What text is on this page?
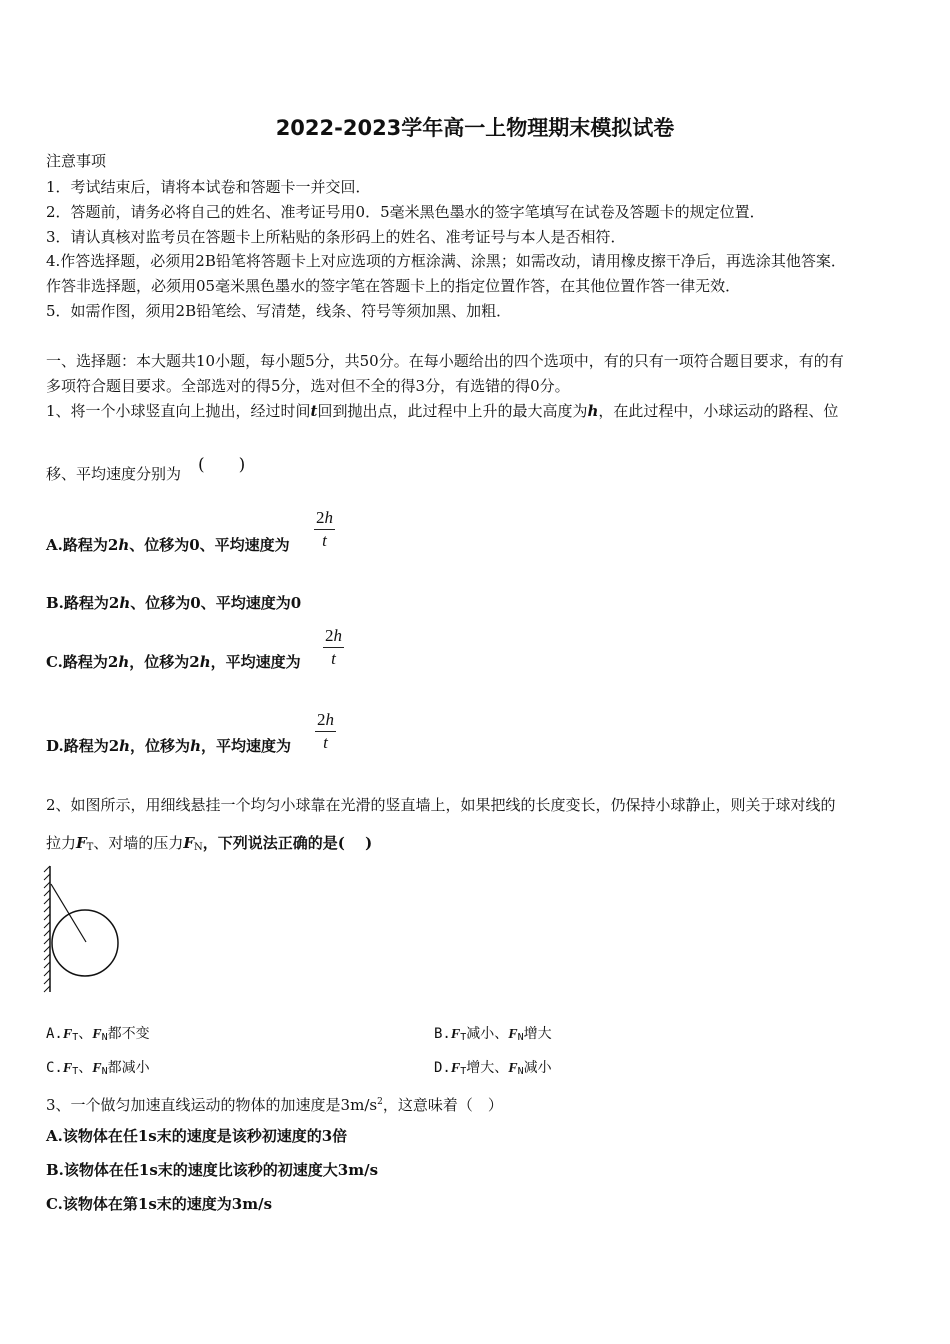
2022-2023学年高一上物理期末模拟试卷
注意事项
1．考试结束后，请将本试卷和答题卡一并交回．
2．答题前，请务必将自己的姓名、准考证号用0．5毫米黑色墨水的签字笔填写在试卷及答题卡的规定位置．
3．请认真核对监考员在答题卡上所粘贴的条形码上的姓名、准考证号与本人是否相符．
4.作答选择题，必须用2B铅笔将答题卡上对应选项的方框涂满、涂黑；如需改动，请用橡皮擦干净后，再选涂其他答案．
作答非选择题，必须用05毫米黑色墨水的签字笔在答题卡上的指定位置作答，在其他位置作答一律无效．
5．如需作图，须用2B铅笔绘、写清楚，线条、符号等须加黑、加粗．
一、选择题：本大题共10小题，每小题5分，共50分。在每小题给出的四个选项中，有的只有一项符合题目要求，有的有
多项符合题目要求。全部选对的得5分，选对但不全的得3分，有选错的得0分。
1、将一个小球竖直向上抛出，经过时间t回到抛出点，此过程中上升的最大高度为h，在此过程中，小球运动的路程、位
移、平均速度分别为 (　　)
A.路程为2h、位移为0、平均速度为
2h
t
B.路程为2h、位移为0、平均速度为0
C.路程为2h，位移为2h，平均速度为
2h
t
D.路程为2h，位移为h，平均速度为
2h
t
2、如图所示，用细线悬挂一个均匀小球靠在光滑的竖直墙上，如果把线的长度变长，仍保持小球静止，则关于球对线的
拉力$F_T$、对墙的压力$F_N$，下列说法正确的是(　 )
$A.F_T$、$F_N$都不变	$B.F_T$减小、$F_N$增大
$C.F_T$、$F_N$都减小	$D.F_T$增大、$F_N$减小
3、一个做匀加速直线运动的物体的加速度是$3m/s^2$，这意味着（　）
A.该物体在任1s末的速度是该秒初速度的3倍
B.该物体在任1s末的速度比该秒的初速度大3m/s
C.该物体在第1s末的速度为3m/s
